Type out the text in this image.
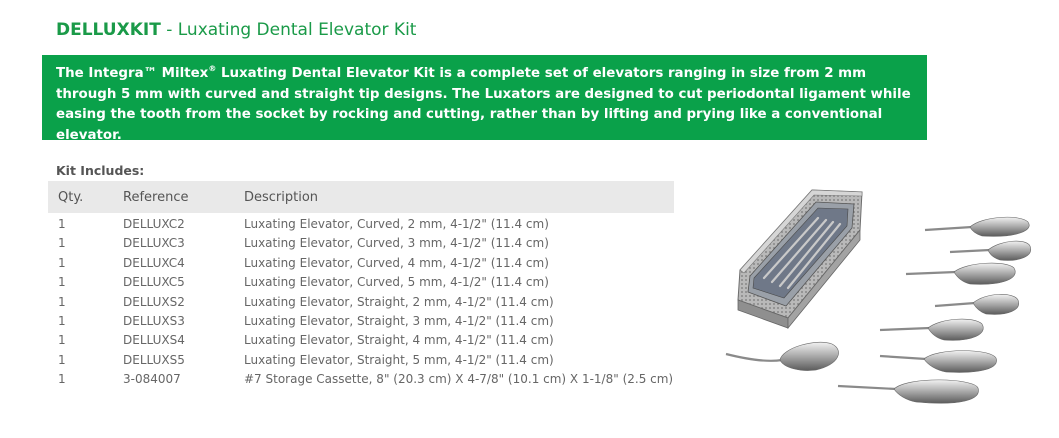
DELLUXKIT - Luxating Dental Elevator Kit
The Integra™ Miltex® Luxating Dental Elevator Kit is a complete set of elevators ranging in size from 2 mm through 5 mm with curved and straight tip designs. The Luxators are designed to cut periodontal ligament while easing the tooth from the socket by rocking and cutting, rather than by lifting and prying like a conventional elevator.
Kit Includes:
Qty.	Reference	Description
1	DELLUXC2	Luxating Elevator, Curved, 2 mm, 4-1/2" (11.4 cm)
1	DELLUXC3	Luxating Elevator, Curved, 3 mm, 4-1/2" (11.4 cm)
1	DELLUXC4	Luxating Elevator, Curved, 4 mm, 4-1/2" (11.4 cm)
1	DELLUXC5	Luxating Elevator, Curved, 5 mm, 4-1/2" (11.4 cm)
1	DELLUXS2	Luxating Elevator, Straight, 2 mm, 4-1/2" (11.4 cm)
1	DELLUXS3	Luxating Elevator, Straight, 3 mm, 4-1/2" (11.4 cm)
1	DELLUXS4	Luxating Elevator, Straight, 4 mm, 4-1/2" (11.4 cm)
1	DELLUXS5	Luxating Elevator, Straight, 5 mm, 4-1/2" (11.4 cm)
1	3-084007	#7 Storage Cassette, 8" (20.3 cm) X 4-7/8" (10.1 cm) X 1-1/8" (2.5 cm)
